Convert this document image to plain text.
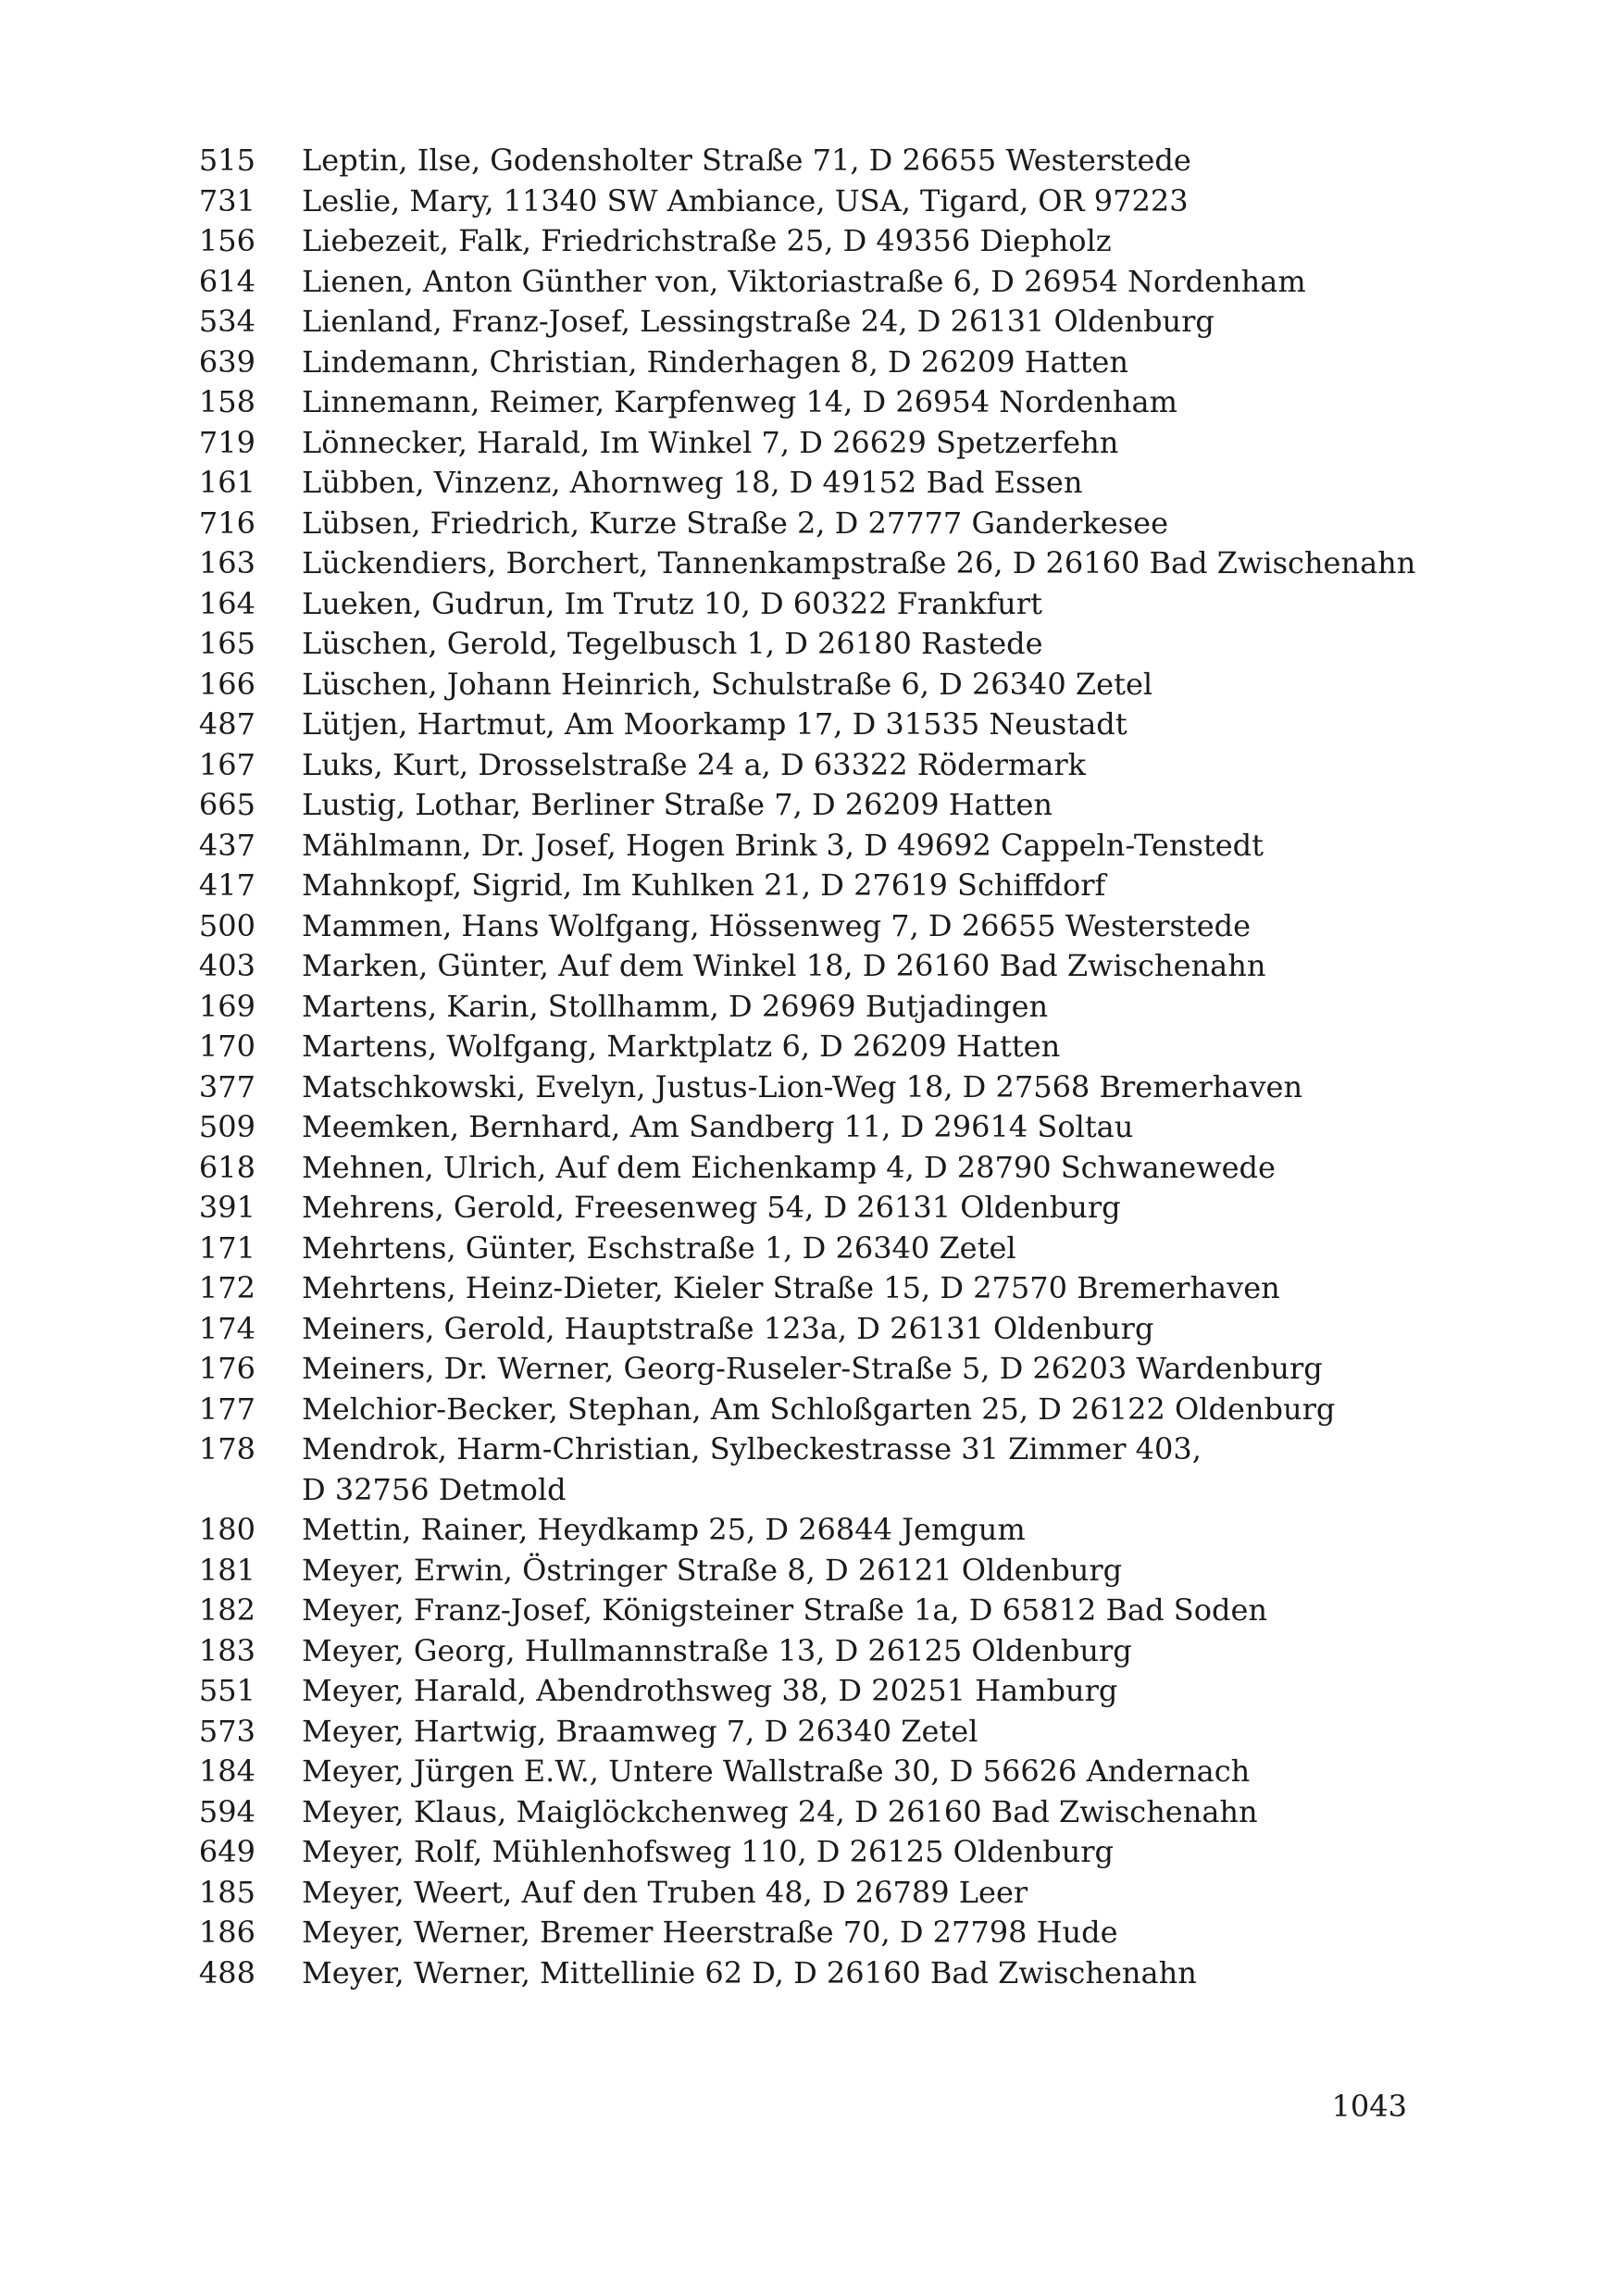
515 Leptin, Ilse, Godensholter Straße 71, D 26655 Westerstede
731 Leslie, Mary, 11340 SW Ambiance, USA, Tigard, OR 97223
156 Liebezeit, Falk, Friedrichstraße 25, D 49356 Diepholz
614 Lienen, Anton Günther von, Viktoriastraße 6, D 26954 Nordenham
534 Lienland, Franz-Josef, Lessingstraße 24, D 26131 Oldenburg
639 Lindemann, Christian, Rinderhagen 8, D 26209 Hatten
158 Linnemann, Reimer, Karpfenweg 14, D 26954 Nordenham
719 Lönnecker, Harald, Im Winkel 7, D 26629 Spetzerfehn
161 Lübben, Vinzenz, Ahornweg 18, D 49152 Bad Essen
716 Lübsen, Friedrich, Kurze Straße 2, D 27777 Ganderkesee
163 Lückendiers, Borchert, Tannenkampstraße 26, D 26160 Bad Zwischenahn
164 Lueken, Gudrun, Im Trutz 10, D 60322 Frankfurt
165 Lüschen, Gerold, Tegelbusch 1, D 26180 Rastede
166 Lüschen, Johann Heinrich, Schulstraße 6, D 26340 Zetel
487 Lütjen, Hartmut, Am Moorkamp 17, D 31535 Neustadt
167 Luks, Kurt, Drosselstraße 24 a, D 63322 Rödermark
665 Lustig, Lothar, Berliner Straße 7, D 26209 Hatten
437 Mählmann, Dr. Josef, Hogen Brink 3, D 49692 Cappeln-Tenstedt
417 Mahnkopf, Sigrid, Im Kuhlken 21, D 27619 Schiffdorf
500 Mammen, Hans Wolfgang, Hössenweg 7, D 26655 Westerstede
403 Marken, Günter, Auf dem Winkel 18, D 26160 Bad Zwischenahn
169 Martens, Karin, Stollhamm, D 26969 Butjadingen
170 Martens, Wolfgang, Marktplatz 6, D 26209 Hatten
377 Matschkowski, Evelyn, Justus-Lion-Weg 18, D 27568 Bremerhaven
509 Meemken, Bernhard, Am Sandberg 11, D 29614 Soltau
618 Mehnen, Ulrich, Auf dem Eichenkamp 4, D 28790 Schwanewede
391 Mehrens, Gerold, Freesenweg 54, D 26131 Oldenburg
171 Mehrtens, Günter, Eschstraße 1, D 26340 Zetel
172 Mehrtens, Heinz-Dieter, Kieler Straße 15, D 27570 Bremerhaven
174 Meiners, Gerold, Hauptstraße 123a, D 26131 Oldenburg
176 Meiners, Dr. Werner, Georg-Ruseler-Straße 5, D 26203 Wardenburg
177 Melchior-Becker, Stephan, Am Schloßgarten 25, D 26122 Oldenburg
178 Mendrok, Harm-Christian, Sylbeckestrasse 31 Zimmer 403,
D 32756 Detmold
180 Mettin, Rainer, Heydkamp 25, D 26844 Jemgum
181 Meyer, Erwin, Östringer Straße 8, D 26121 Oldenburg
182 Meyer, Franz-Josef, Königsteiner Straße 1a, D 65812 Bad Soden
183 Meyer, Georg, Hullmannstraße 13, D 26125 Oldenburg
551 Meyer, Harald, Abendrothsweg 38, D 20251 Hamburg
573 Meyer, Hartwig, Braamweg 7, D 26340 Zetel
184 Meyer, Jürgen E.W., Untere Wallstraße 30, D 56626 Andernach
594 Meyer, Klaus, Maiglöckchenweg 24, D 26160 Bad Zwischenahn
649 Meyer, Rolf, Mühlenhofsweg 110, D 26125 Oldenburg
185 Meyer, Weert, Auf den Truben 48, D 26789 Leer
186 Meyer, Werner, Bremer Heerstraße 70, D 27798 Hude
488 Meyer, Werner, Mittellinie 62 D, D 26160 Bad Zwischenahn
1043
